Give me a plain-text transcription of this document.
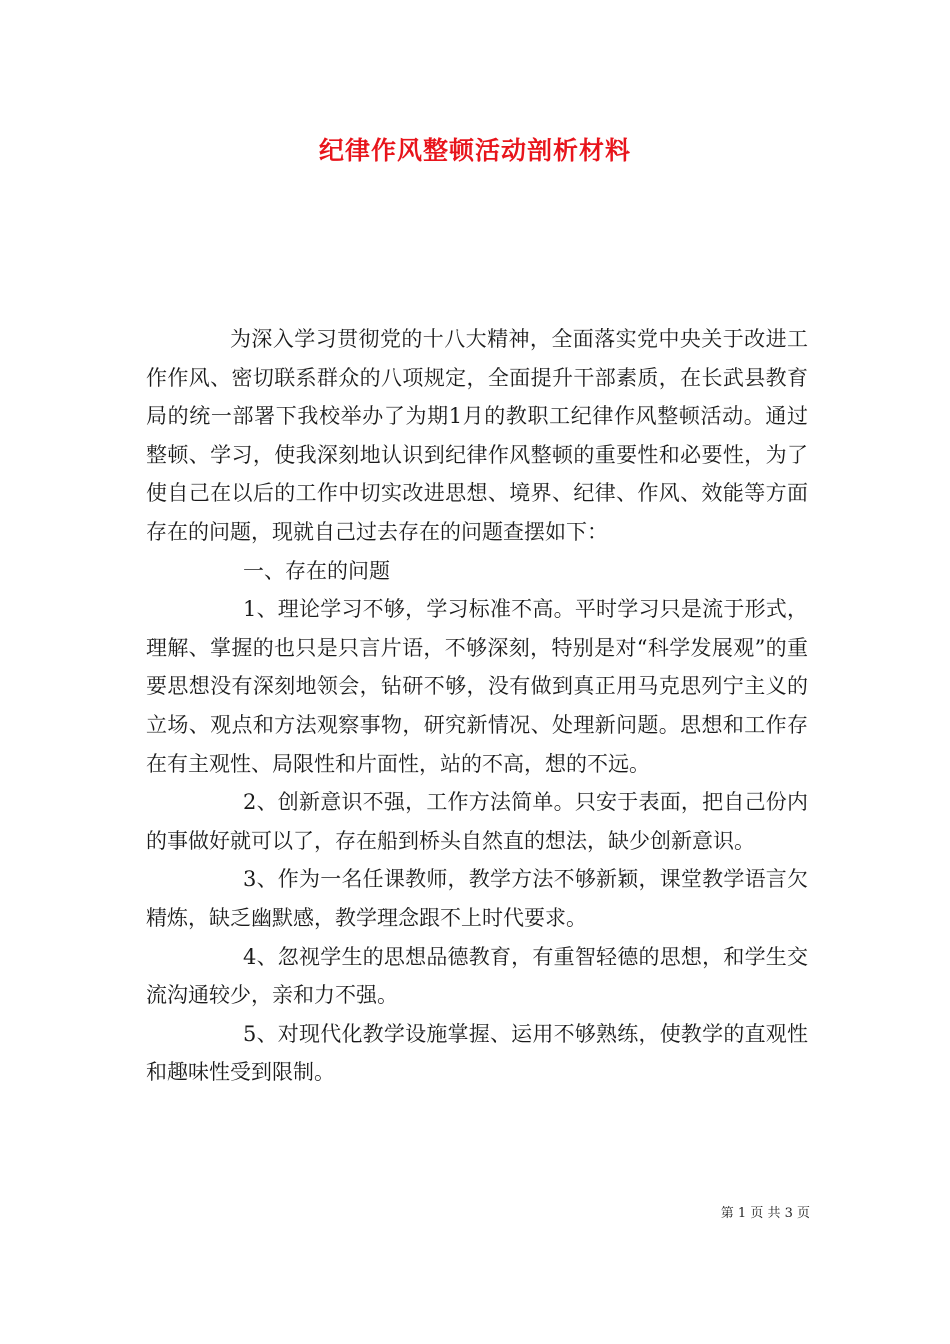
纪律作风整顿活动剖析材料

为深入学习贯彻党的十八大精神，全面落实党中央关于改进工作作风、密切联系群众的八项规定，全面提升干部素质，在长武县教育局的统一部署下我校举办了为期1月的教职工纪律作风整顿活动。通过整顿、学习，使我深刻地认识到纪律作风整顿的重要性和必要性，为了使自己在以后的工作中切实改进思想、境界、纪律、作风、效能等方面存在的问题，现就自己过去存在的问题查摆如下：

一、存在的问题

1、理论学习不够，学习标准不高。平时学习只是流于形式，理解、掌握的也只是只言片语，不够深刻，特别是对“科学发展观”的重要思想没有深刻地领会，钻研不够，没有做到真正用马克思列宁主义的立场、观点和方法观察事物，研究新情况、处理新问题。思想和工作存在有主观性、局限性和片面性，站的不高，想的不远。

2、创新意识不强，工作方法简单。只安于表面，把自己份内的事做好就可以了，存在船到桥头自然直的想法，缺少创新意识。

3、作为一名任课教师，教学方法不够新颖，课堂教学语言欠精炼，缺乏幽默感，教学理念跟不上时代要求。

4、忽视学生的思想品德教育，有重智轻德的思想，和学生交流沟通较少，亲和力不强。

5、对现代化教学设施掌握、运用不够熟练，使教学的直观性和趣味性受到限制。

第 1 页 共 3 页
